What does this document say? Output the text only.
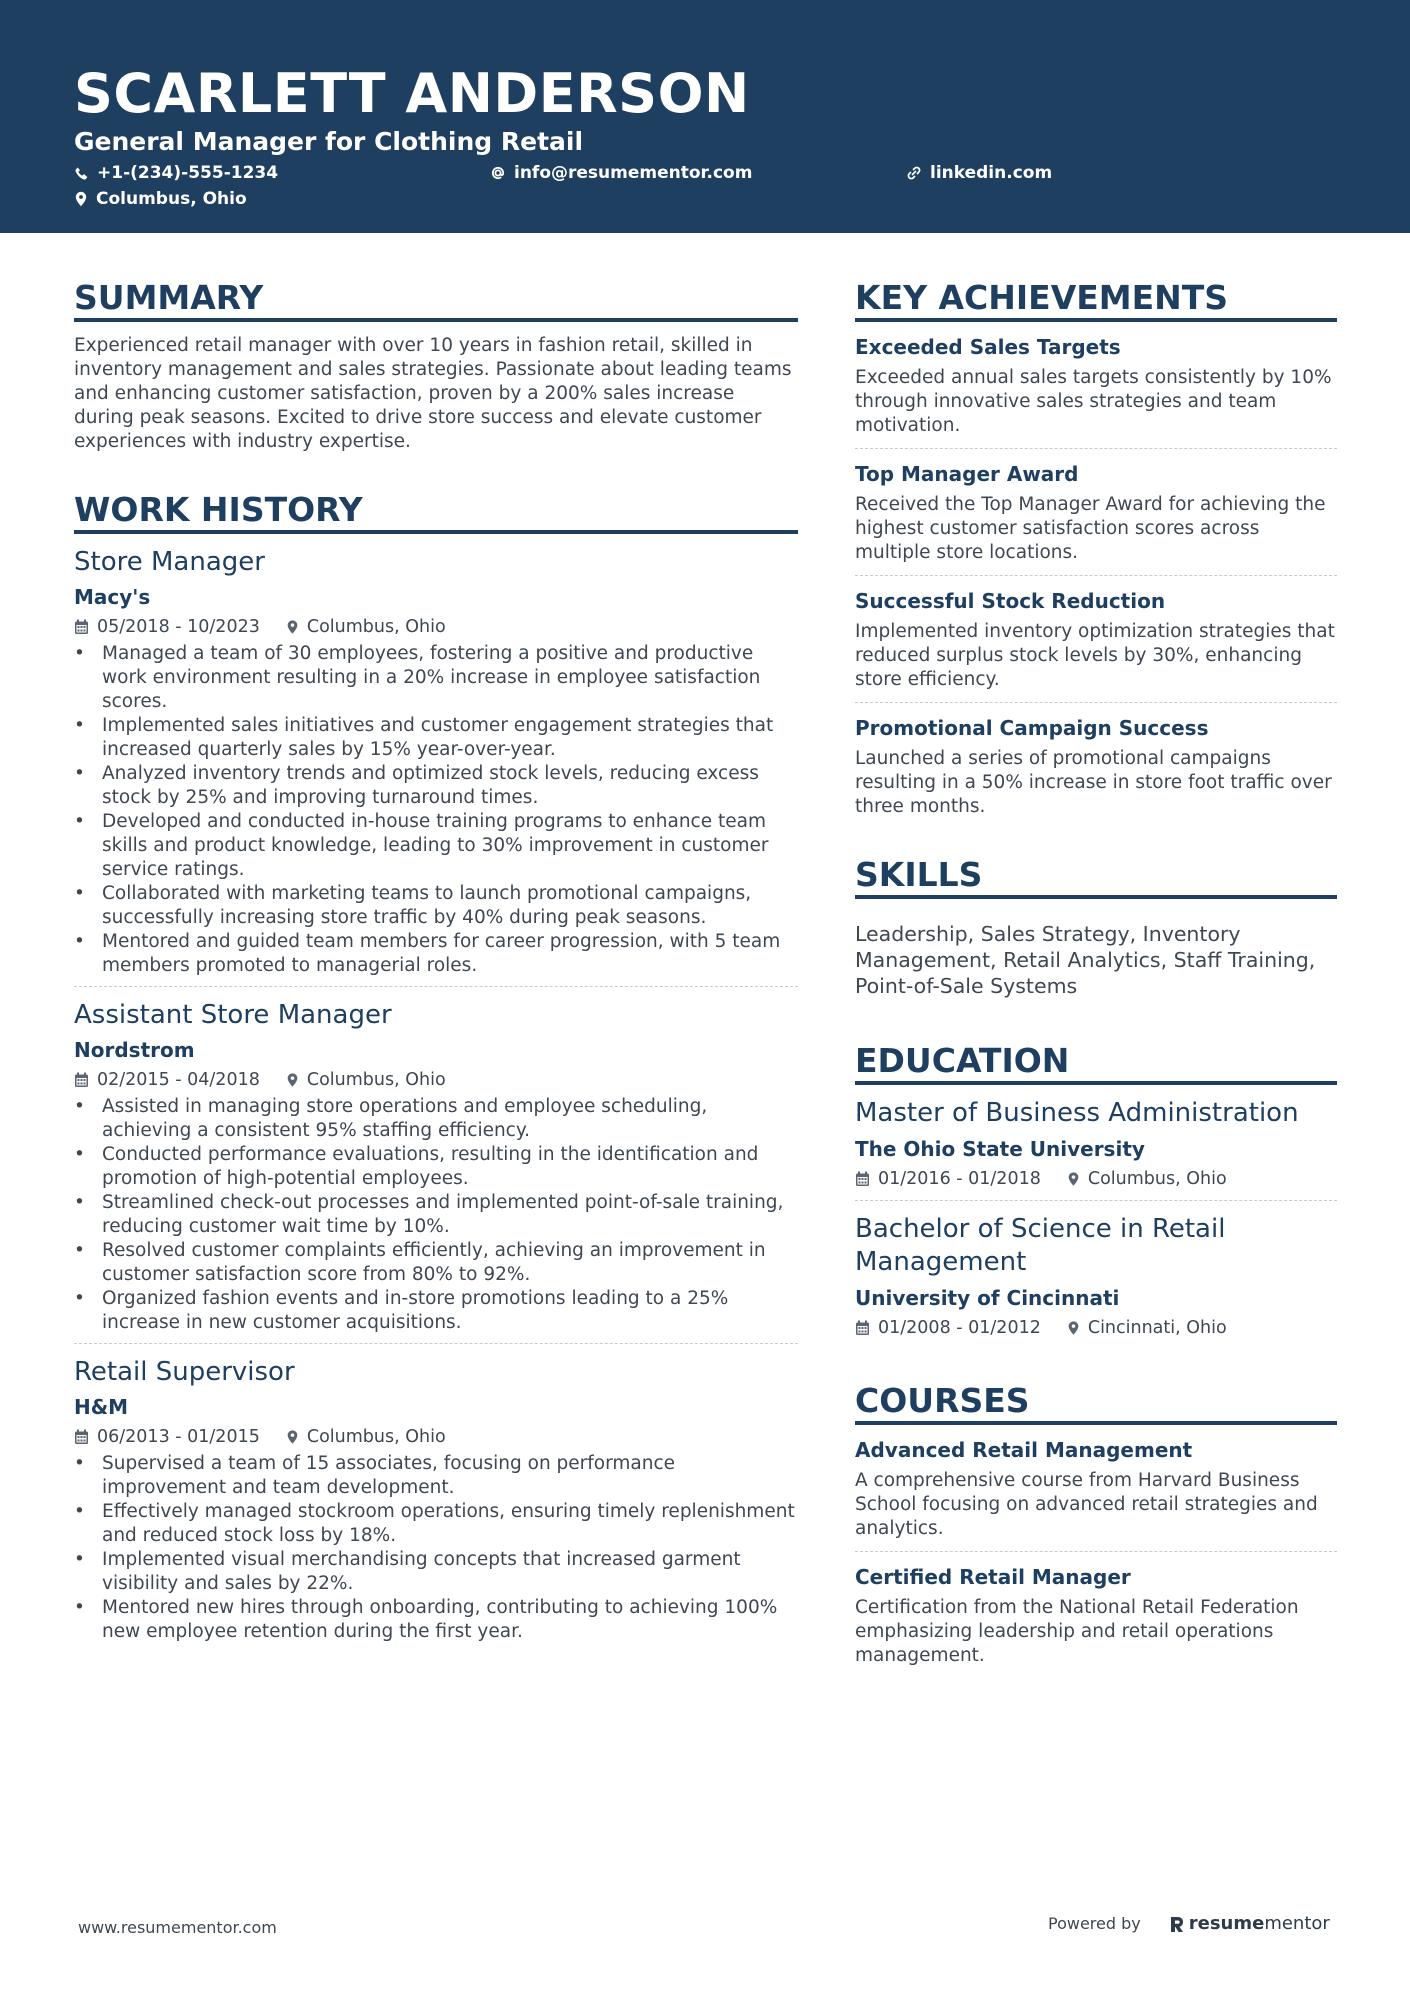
SCARLETT ANDERSON
General Manager for Clothing Retail
+1-(234)-555-1234	info@resumementor.com	linkedin.com
Columbus, Ohio
SUMMARY
Experienced retail manager with over 10 years in fashion retail, skilled in inventory management and sales strategies. Passionate about leading teams and enhancing customer satisfaction, proven by a 200% sales increase during peak seasons. Excited to drive store success and elevate customer experiences with industry expertise.
WORK HISTORY
Store Manager
Macy's
05/2018 - 10/2023	Columbus, Ohio
• Managed a team of 30 employees, fostering a positive and productive work environment resulting in a 20% increase in employee satisfaction scores.
• Implemented sales initiatives and customer engagement strategies that increased quarterly sales by 15% year-over-year.
• Analyzed inventory trends and optimized stock levels, reducing excess stock by 25% and improving turnaround times.
• Developed and conducted in-house training programs to enhance team skills and product knowledge, leading to 30% improvement in customer service ratings.
• Collaborated with marketing teams to launch promotional campaigns, successfully increasing store traffic by 40% during peak seasons.
• Mentored and guided team members for career progression, with 5 team members promoted to managerial roles.
Assistant Store Manager
Nordstrom
02/2015 - 04/2018	Columbus, Ohio
• Assisted in managing store operations and employee scheduling, achieving a consistent 95% staffing efficiency.
• Conducted performance evaluations, resulting in the identification and promotion of high-potential employees.
• Streamlined check-out processes and implemented point-of-sale training, reducing customer wait time by 10%.
• Resolved customer complaints efficiently, achieving an improvement in customer satisfaction score from 80% to 92%.
• Organized fashion events and in-store promotions leading to a 25% increase in new customer acquisitions.
Retail Supervisor
H&M
06/2013 - 01/2015	Columbus, Ohio
• Supervised a team of 15 associates, focusing on performance improvement and team development.
• Effectively managed stockroom operations, ensuring timely replenishment and reduced stock loss by 18%.
• Implemented visual merchandising concepts that increased garment visibility and sales by 22%.
• Mentored new hires through onboarding, contributing to achieving 100% new employee retention during the first year.
KEY ACHIEVEMENTS
Exceeded Sales Targets
Exceeded annual sales targets consistently by 10% through innovative sales strategies and team motivation.
Top Manager Award
Received the Top Manager Award for achieving the highest customer satisfaction scores across multiple store locations.
Successful Stock Reduction
Implemented inventory optimization strategies that reduced surplus stock levels by 30%, enhancing store efficiency.
Promotional Campaign Success
Launched a series of promotional campaigns resulting in a 50% increase in store foot traffic over three months.
SKILLS
Leadership, Sales Strategy, Inventory Management, Retail Analytics, Staff Training, Point-of-Sale Systems
EDUCATION
Master of Business Administration
The Ohio State University
01/2016 - 01/2018	Columbus, Ohio
Bachelor of Science in Retail Management
University of Cincinnati
01/2008 - 01/2012	Cincinnati, Ohio
COURSES
Advanced Retail Management
A comprehensive course from Harvard Business School focusing on advanced retail strategies and analytics.
Certified Retail Manager
Certification from the National Retail Federation emphasizing leadership and retail operations management.
www.resumementor.com	Powered by	resume mentor
